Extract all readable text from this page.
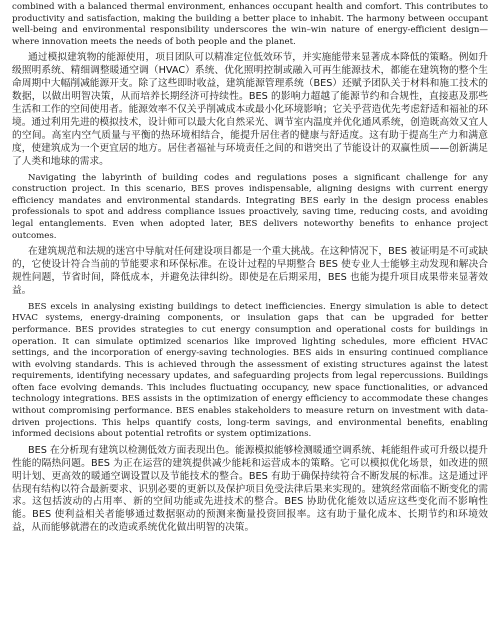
combined with a balanced thermal environment, enhances occupant health and comfort. This contributes to productivity and satisfaction, making the building a better place to inhabit. The harmony between occupant well-being and environmental responsibility underscores the win–win nature of energy-efficient design—where innovation meets the needs of both people and the planet.

通过模拟建筑物的能源使用，项目团队可以精准定位低效环节，并实施能带来显著成本降低的策略。例如升级照明系统、精细调整暖通空调（HVAC）系统、优化照明控制或融入可再生能源技术，都能在建筑物的整个生命周期中大幅削减能源开支。除了这些即时收益，建筑能源管理系统（BES）还赋予团队关于材料和施工技术的数据，以做出明智决策，从而培养长期经济可持续性。BES 的影响力超越了能源节约和合规性，直接惠及那些生活和工作的空间使用者。能源效率不仅关乎削减成本或最小化环境影响；它关乎营造优先考虑舒适和福祉的环境。通过利用先进的模拟技术，设计师可以最大化自然采光、调节室内温度并优化通风系统，创造既高效又宜人的空间。高室内空气质量与平衡的热环境相结合，能提升居住者的健康与舒适度。这有助于提高生产力和满意度，使建筑成为一个更宜居的地方。居住者福祉与环境责任之间的和谐突出了节能设计的双赢性质——创新满足了人类和地球的需求。

Navigating the labyrinth of building codes and regulations poses a significant challenge for any construction project. In this scenario, BES proves indispensable, aligning designs with current energy efficiency mandates and environmental standards. Integrating BES early in the design process enables professionals to spot and address compliance issues proactively, saving time, reducing costs, and avoiding legal entanglements. Even when adopted later, BES delivers noteworthy benefits to enhance project outcomes.

在建筑规范和法规的迷宫中导航对任何建设项目都是一个重大挑战。在这种情况下，BES 被证明是不可或缺的，它使设计符合当前的节能要求和环保标准。在设计过程的早期整合 BES 使专业人士能够主动发现和解决合规性问题，节省时间，降低成本，并避免法律纠纷。即使是在后期采用，BES 也能为提升项目成果带来显著效益。

BES excels in analysing existing buildings to detect inefficiencies. Energy simulation is able to detect HVAC systems, energy-draining components, or insulation gaps that can be upgraded for better performance. BES provides strategies to cut energy consumption and operational costs for buildings in operation. It can simulate optimized scenarios like improved lighting schedules, more efficient HVAC settings, and the incorporation of energy-saving technologies. BES aids in ensuring continued compliance with evolving standards. This is achieved through the assessment of existing structures against the latest requirements, identifying necessary updates, and safeguarding projects from legal repercussions. Buildings often face evolving demands. This includes fluctuating occupancy, new space functionalities, or advanced technology integrations. BES assists in the optimization of energy efficiency to accommodate these changes without compromising performance. BES enables stakeholders to measure return on investment with data-driven projections. This helps quantify costs, long-term savings, and environmental benefits, enabling informed decisions about potential retrofits or system optimizations.

BES 在分析现有建筑以检测低效方面表现出色。能源模拟能够检测暖通空调系统、耗能组件或可升级以提升性能的隔热问题。BES 为正在运营的建筑提供减少能耗和运营成本的策略。它可以模拟优化场景，如改进的照明计划、更高效的暖通空调设置以及节能技术的整合。BES 有助于确保持续符合不断发展的标准。这是通过评估现有结构以符合最新要求、识别必要的更新以及保护项目免受法律后果来实现的。建筑经常面临不断变化的需求。这包括波动的占用率、新的空间功能或先进技术的整合。BES 协助优化能效以适应这些变化而不影响性能。BES 使利益相关者能够通过数据驱动的预测来衡量投资回报率。这有助于量化成本、长期节约和环境效益，从而能够就潜在的改造或系统优化做出明智的决策。
